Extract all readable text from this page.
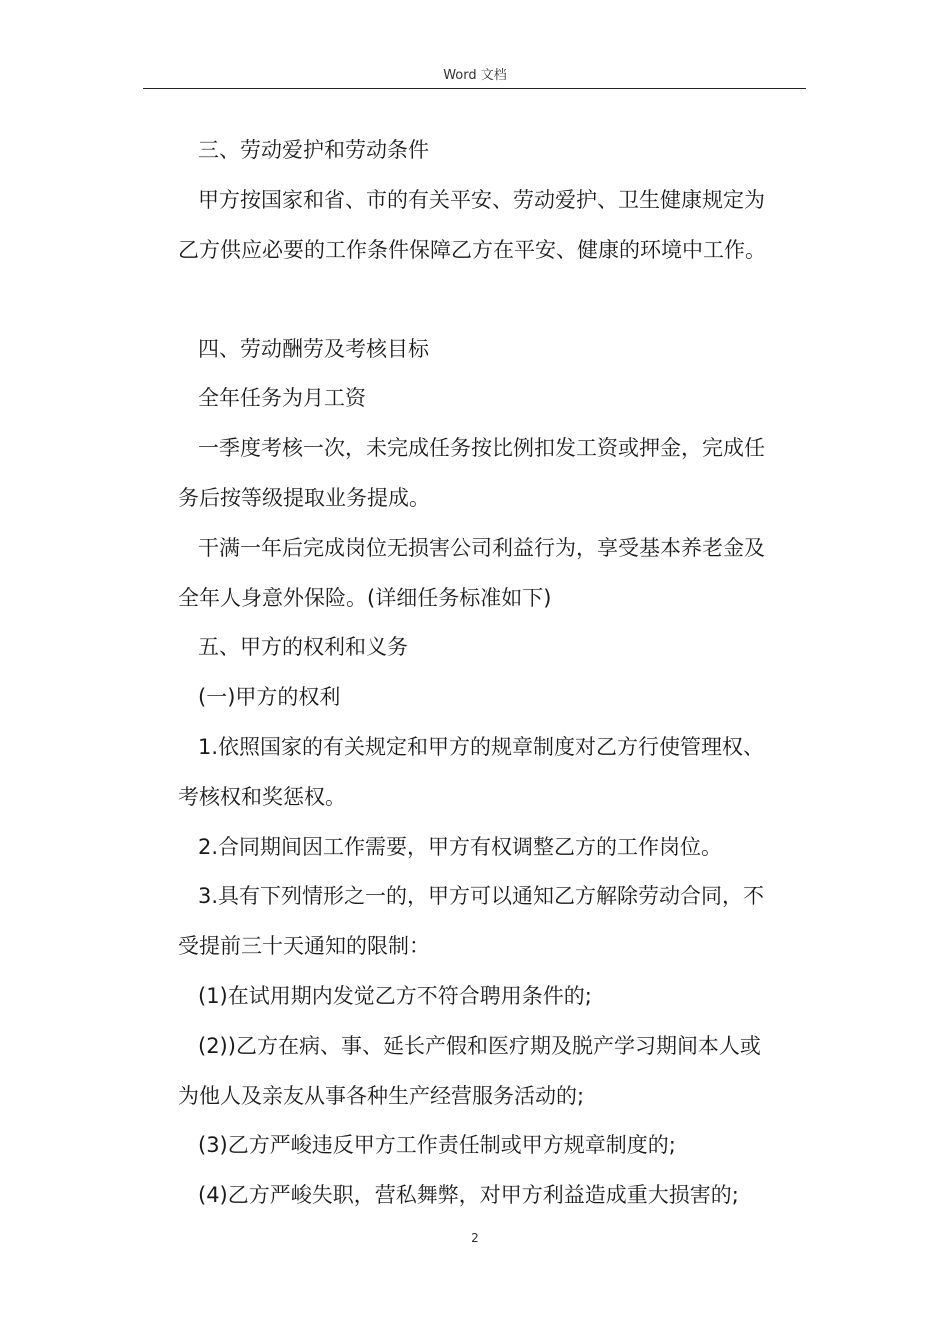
Word 文档
三、劳动爱护和劳动条件
甲方按国家和省、市的有关平安、劳动爱护、卫生健康规定为
乙方供应必要的工作条件保障乙方在平安、健康的环境中工作。
四、劳动酬劳及考核目标
全年任务为月工资
一季度考核一次，未完成任务按比例扣发工资或押金，完成任
务后按等级提取业务提成。
干满一年后完成岗位无损害公司利益行为，享受基本养老金及
全年人身意外保险。(详细任务标准如下)
五、甲方的权利和义务
(一)甲方的权利
1.依照国家的有关规定和甲方的规章制度对乙方行使管理权、
考核权和奖惩权。
2.合同期间因工作需要，甲方有权调整乙方的工作岗位。
3.具有下列情形之一的，甲方可以通知乙方解除劳动合同，不
受提前三十天通知的限制：
(1)在试用期内发觉乙方不符合聘用条件的;
(2))乙方在病、事、延长产假和医疗期及脱产学习期间本人或
为他人及亲友从事各种生产经营服务活动的;
(3)乙方严峻违反甲方工作责任制或甲方规章制度的;
(4)乙方严峻失职，营私舞弊，对甲方利益造成重大损害的;
2
